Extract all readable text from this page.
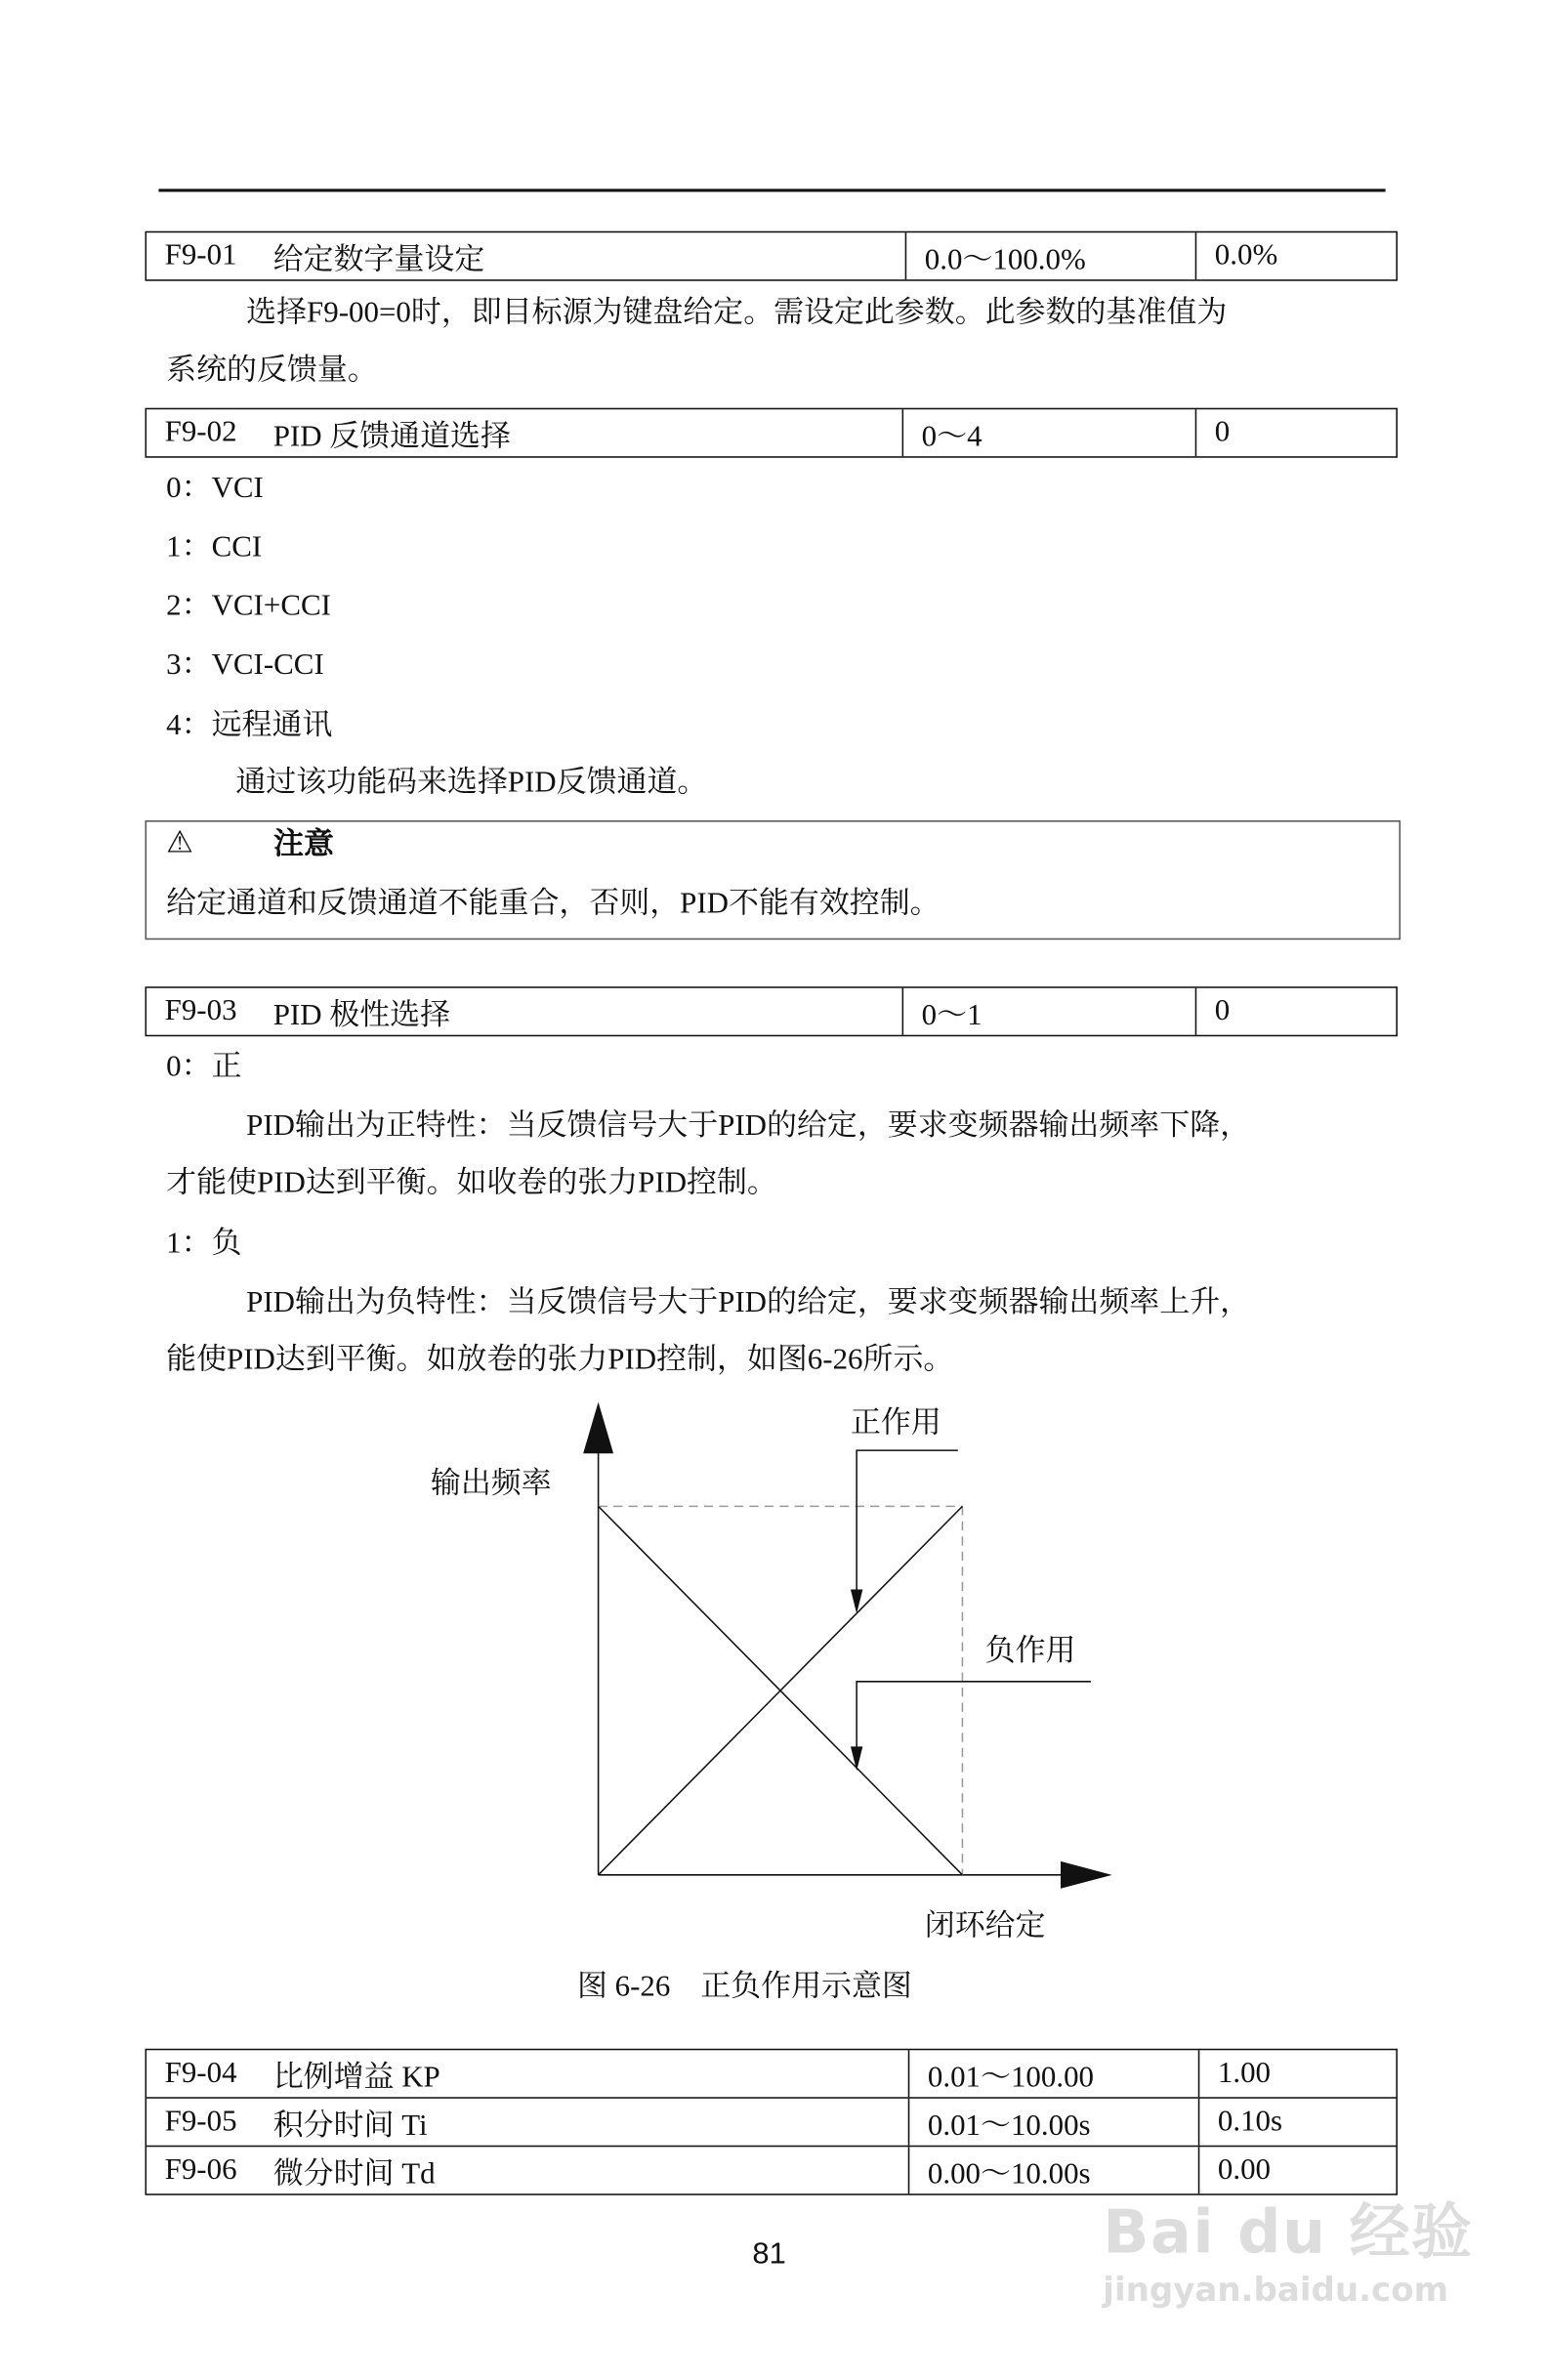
F9-01 给定数字量设定	0.0～100.0%	0.0%
选择F9-00=0时，即目标源为键盘给定。需设定此参数。此参数的基准值为
系统的反馈量。
F9-02 PID 反馈通道选择	0～4	0
0：VCI
1：CCI
2：VCI+CCI
3：VCI-CCI
4：远程通讯
通过该功能码来选择PID反馈通道。
⚠	注意
给定通道和反馈通道不能重合，否则，PID不能有效控制。
F9-03 PID 极性选择	0～1	0
0：正
PID输出为正特性：当反馈信号大于PID的给定，要求变频器输出频率下降，
才能使PID达到平衡。如收卷的张力PID控制。
1：负
PID输出为负特性：当反馈信号大于PID的给定，要求变频器输出频率上升，
能使PID达到平衡。如放卷的张力PID控制，如图6-26所示。
输出频率
正作用
负作用
闭环给定
图 6-26　正负作用示意图
F9-04 比例增益 KP	0.01～100.00	1.00
F9-05 积分时间 Ti	0.01～10.00s	0.10s
F9-06 微分时间 Td	0.00～10.00s	0.00
81	Bai du 经验
jingyan.baidu.com
